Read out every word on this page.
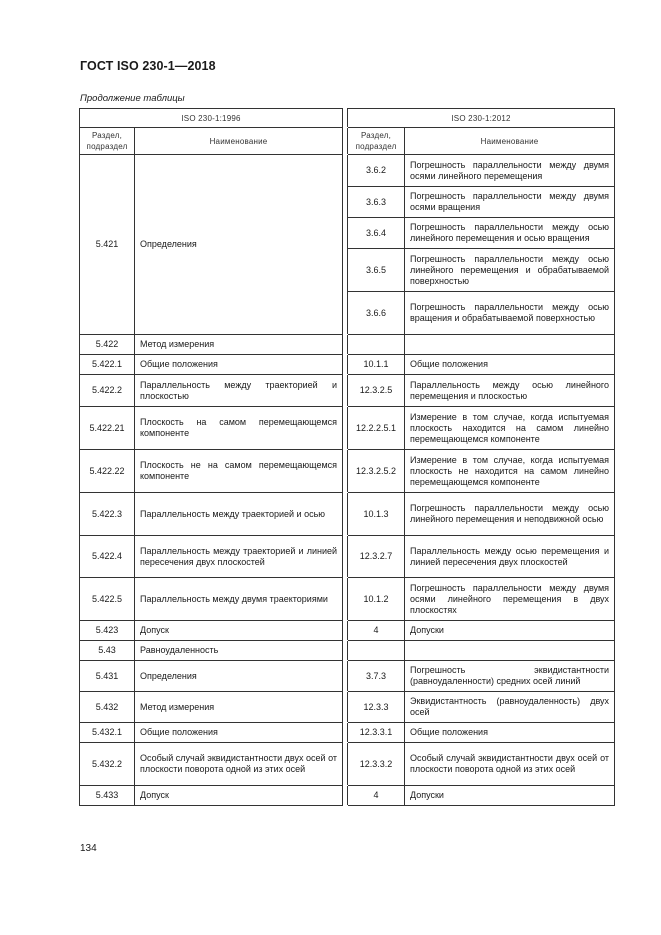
ГОСТ ISO 230-1—2018
Продолжение таблицы
ISO 230-1:1996			ISO 230-1:2012	
Раздел, подраздел	Наименование		Раздел, подраздел	Наименование
5.421	Определения		3.6.2	Погрешность параллельности между двумя осями линейного перемещения
			3.6.3	Погрешность параллельности между двумя осями вращения
			3.6.4	Погрешность параллельности между осью линейного перемещения и осью вращения
			3.6.5	Погрешность параллельности между осью линейного перемещения и обрабатываемой поверхностью
			3.6.6	Погрешность параллельности между осью вращения и обрабатываемой поверхностью
5.422	Метод измерения			
5.422.1	Общие положения		10.1.1	Общие положения
5.422.2	Параллельность между траекторией и плоскостью		12.3.2.5	Параллельность между осью линейного перемещения и плоскостью
5.422.21	Плоскость на самом перемещающемся компоненте		12.2.2.5.1	Измерение в том случае, когда испытуемая плоскость находится на самом линейно перемещающемся компоненте
5.422.22	Плоскость не на самом перемещающемся компоненте		12.3.2.5.2	Измерение в том случае, когда испытуемая плоскость не находится на самом линейно перемещающемся компоненте
5.422.3	Параллельность между траекторией и осью		10.1.3	Погрешность параллельности между осью линейного перемещения и неподвижной осью
5.422.4	Параллельность между траекторией и линией пересечения двух плоскостей		12.3.2.7	Параллельность между осью перемещения и линией пересечения двух плоскостей
5.422.5	Параллельность между двумя траекториями		10.1.2	Погрешность параллельности между двумя осями линейного перемещения в двух плоскостях
5.423	Допуск		4	Допуски
5.43	Равноудаленность			
5.431	Определения		3.7.3	Погрешность эквидистантности (равноудаленности) средних осей линий
5.432	Метод измерения		12.3.3	Эквидистантность (равноудаленность) двух осей
5.432.1	Общие положения		12.3.3.1	Общие положения
5.432.2	Особый случай эквидистантности двух осей от плоскости поворота одной из этих осей		12.3.3.2	Особый случай эквидистантности двух осей от плоскости поворота одной из этих осей
5.433	Допуск		4	Допуски
134
